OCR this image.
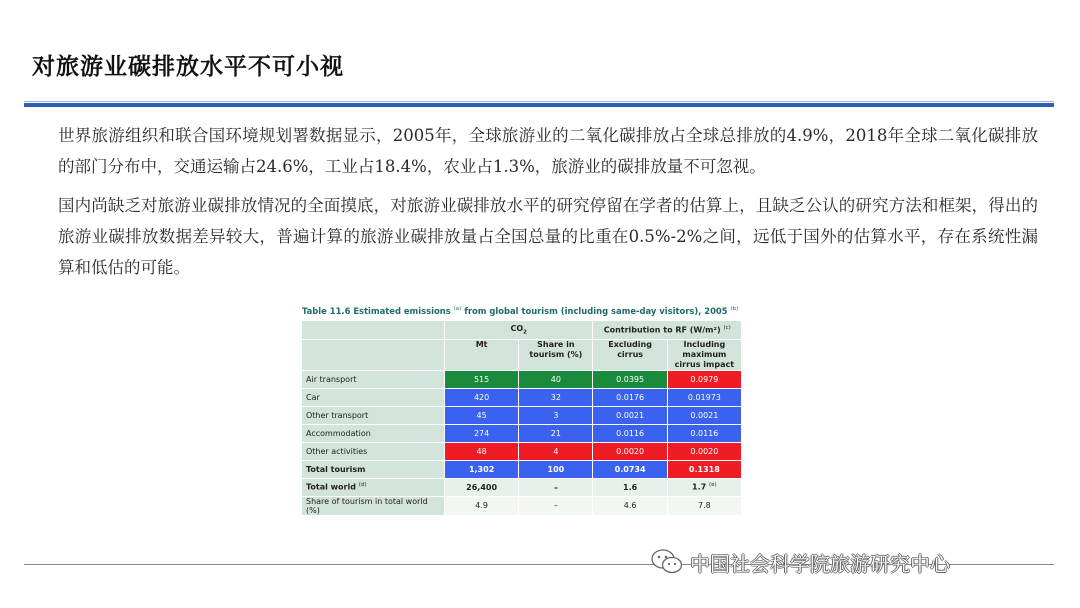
对旅游业碳排放水平不可小视

世界旅游组织和联合国环境规划署数据显示，2005年，全球旅游业的二氧化碳排放占全球总排放的4.9%，2018年全球二氧化碳排放的部门分布中，交通运输占24.6%，工业占18.4%，农业占1.3%，旅游业的碳排放量不可忽视。

国内尚缺乏对旅游业碳排放情况的全面摸底，对旅游业碳排放水平的研究停留在学者的估算上，且缺乏公认的研究方法和框架，得出的旅游业碳排放数据差异较大，普遍计算的旅游业碳排放量占全国总量的比重在0.5%-2%之间，远低于国外的估算水平，存在系统性漏算和低估的可能。

Table 11.6 Estimated emissions $^{(a)}$ from global tourism (including same-day visitors), 2005 $^{(b)}$
	$CO_2$		Contribution to RF (W/m²) $^{(c)}$
	Mt	Share in tourism (%)	Excluding cirrus	Including maximum cirrus impact
Air transport	515	40	0.0395	0.0979
Car	420	32	0.0176	0.01973
Other transport	45	3	0.0021	0.0021
Accommodation	274	21	0.0116	0.0116
Other activities	48	4	0.0020	0.0020
Total tourism	1,302	100	0.0734	0.1318
Total world $^{(d)}$	26,400	–	1.6	1.7 $^{(e)}$
Share of tourism in total world (%)	4.9	–	4.6	7.8
中国社会科学院旅游研究中心
